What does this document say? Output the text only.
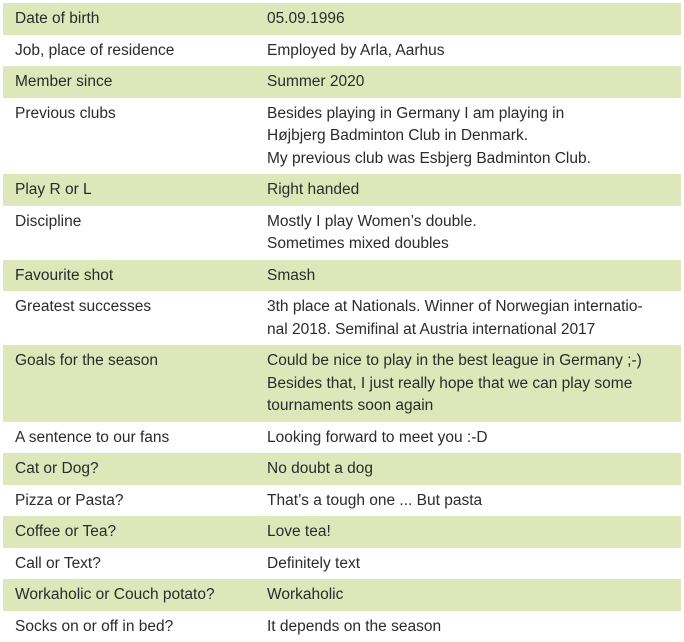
Date of birth	05.09.1996

Job, place of residence	Employed by Arla, Aarhus

Member since	Summer 2020

Previous clubs	Besides playing in Germany I am playing in
Højbjerg Badminton Club in Denmark.
My previous club was Esbjerg Badminton Club.

Play R or L	Right handed

Discipline	Mostly I play Women’s double.
Sometimes mixed doubles

Favourite shot	Smash

Greatest successes	3th place at Nationals. Winner of Norwegian internatio-
nal 2018. Semifinal at Austria international 2017

Goals for the season	Could be nice to play in the best league in Germany ;-)
Besides that, I just really hope that we can play some
tournaments soon again

A sentence to our fans	Looking forward to meet you :-D

Cat or Dog?	No doubt a dog

Pizza or Pasta?	That’s a tough one ... But pasta

Coffee or Tea?	Love tea!

Call or Text?	Definitely text

Workaholic or Couch potato?	Workaholic

Socks on or off in bed?	It depends on the season
